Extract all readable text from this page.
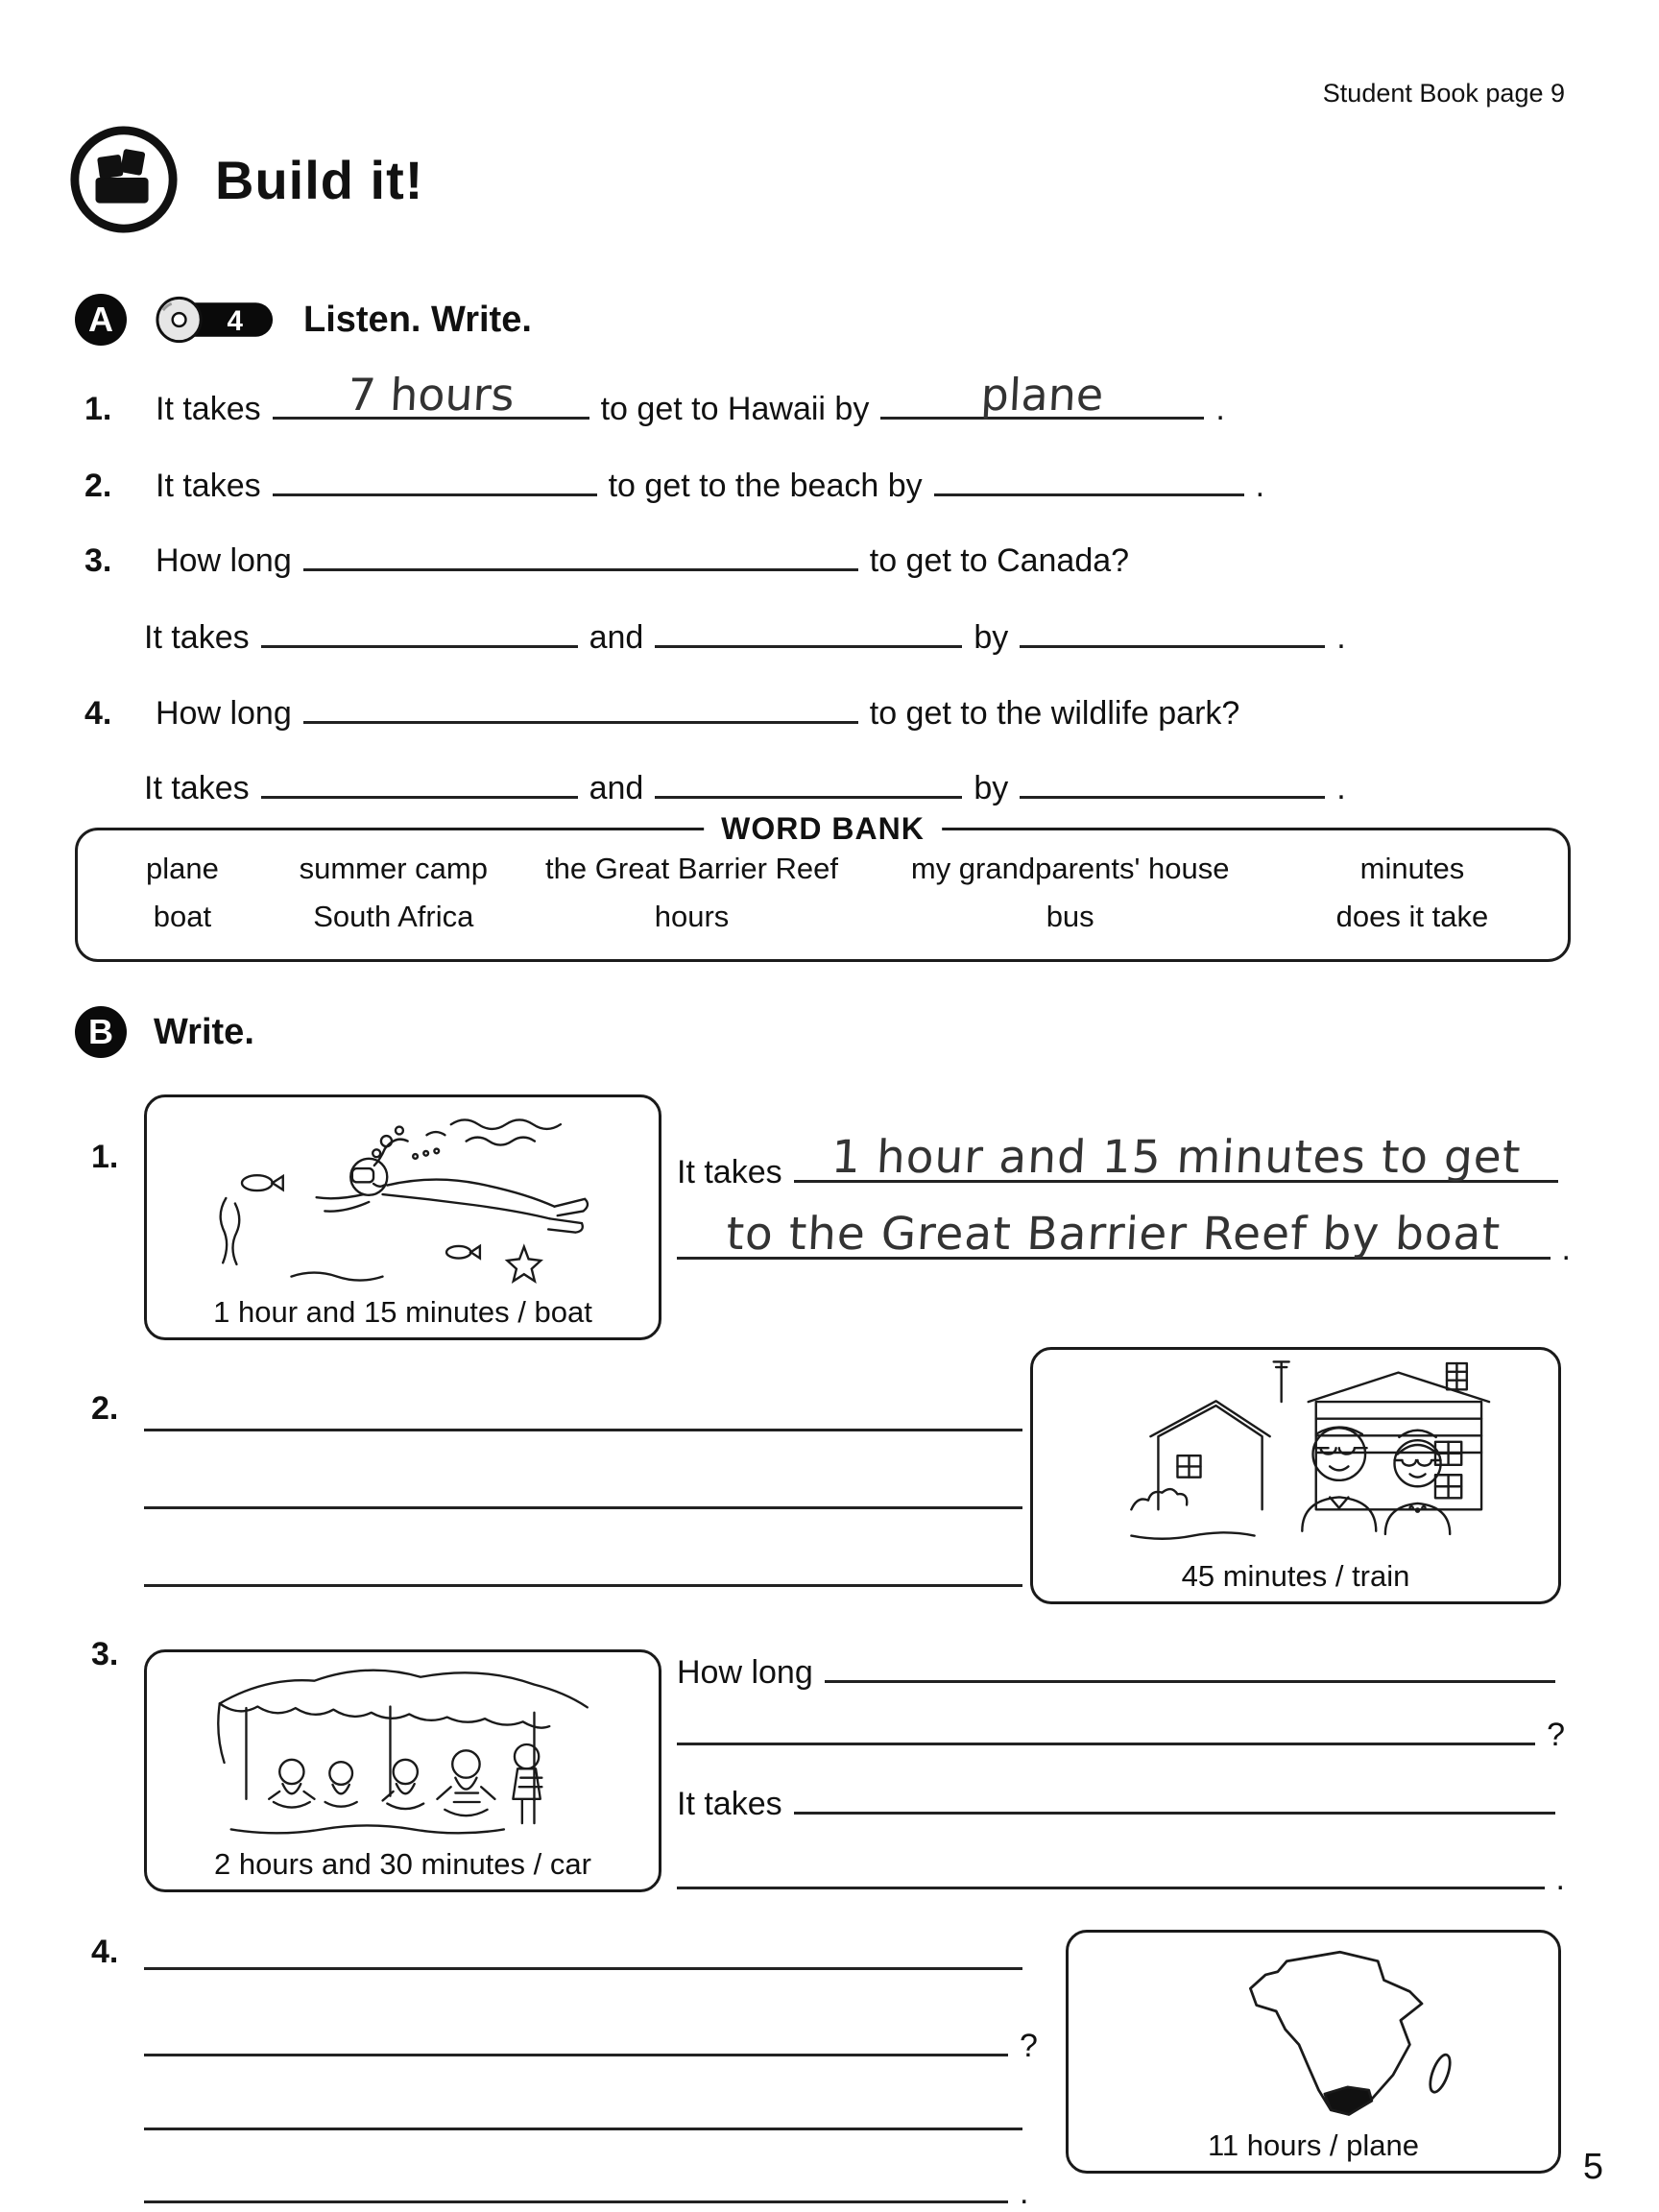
Student Book page 9
Build it!
A	4 Listen. Write.
1.	It takes	7 hours	to get to Hawaii by	plane	.
2.	It takes	to get to the beach by	.
3.	How long	to get to Canada?
It takes	and	by	.
4.	How long	to get to the wildlife park?
It takes	and	by	.
WORD BANK
plane	summer camp	the Great Barrier Reef	my grandparents' house	minutes
boat	South Africa	hours	bus	does it take
B	Write.
1.
1 hour and 15 minutes / boat
It takes	1 hour and 15 minutes to get
to the Great Barrier Reef by boat	.
2.
45 minutes / train
3.
2 hours and 30 minutes / car
How long
?
It takes
.
4.
?
.
11 hours / plane
5
